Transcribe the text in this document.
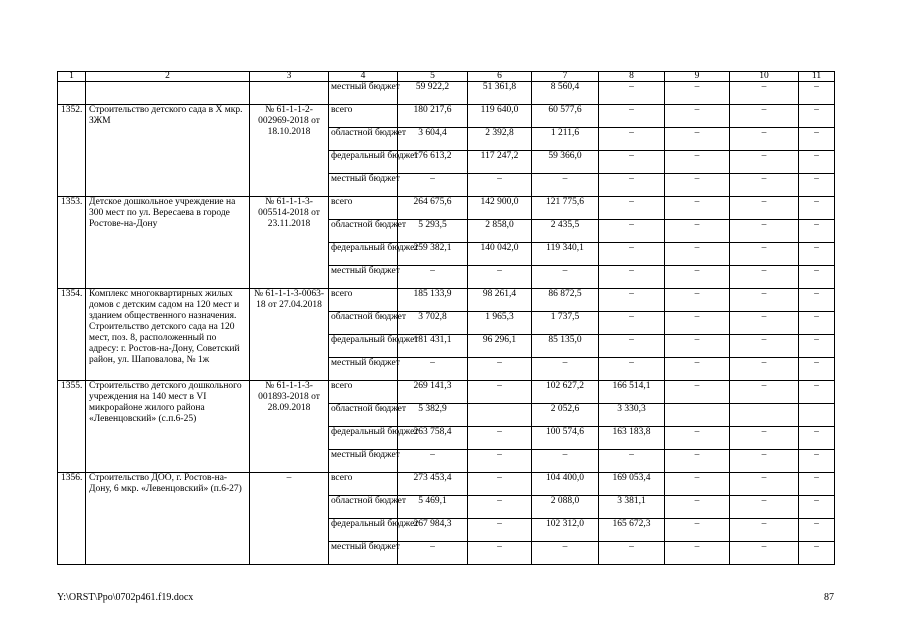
1	2	3	4	5	6	7	8	9	10	11
			местный бюджет	59 922,2	51 361,8	8 560,4	–	–	–	–
1352.	Строительство детского сада в X мкр. ЗЖМ	№ 61-1-1-2-002969-2018 от 18.10.2018	всего	180 217,6	119 640,0	60 577,6	–	–	–	–
			областной бюджет	3 604,4	2 392,8	1 211,6	–	–	–	–
			федеральный бюджет	176 613,2	117 247,2	59 366,0	–	–	–	–
			местный бюджет	–	–	–	–	–	–	–
1353.	Детское дошкольное учреждение на 300 мест по ул. Вересаева в городе Ростове-на-Дону	№ 61-1-1-3-005514-2018 от 23.11.2018	всего	264 675,6	142 900,0	121 775,6	–	–	–	–
			областной бюджет	5 293,5	2 858,0	2 435,5	–	–	–	–
			федеральный бюджет	259 382,1	140 042,0	119 340,1	–	–	–	–
			местный бюджет	–	–	–	–	–	–	–
1354.	Комплекс многоквартирных жилых домов с детским садом на 120 мест и зданием общественного назначения. Строительство детского сада на 120 мест, поз. 8, расположенный по адресу: г. Ростов-на-Дону, Советский район, ул. Шаповалова, № 1ж	№ 61-1-1-3-0063-18 от 27.04.2018	всего	185 133,9	98 261,4	86 872,5	–	–	–	–
			областной бюджет	3 702,8	1 965,3	1 737,5	–	–	–	–
			федеральный бюджет	181 431,1	96 296,1	85 135,0	–	–	–	–
			местный бюджет	–	–	–	–	–	–	–
1355.	Строительство детского дошкольного учреждения на 140 мест в VI микрорайоне жилого района «Левенцовский» (с.п.6-25)	№ 61-1-1-3-001893-2018 от 28.09.2018	всего	269 141,3	–	102 627,2	166 514,1	–	–	–
			областной бюджет	5 382,9		2 052,6	3 330,3			
			федеральный бюджет	263 758,4	–	100 574,6	163 183,8	–	–	–
			местный бюджет	–	–	–	–	–	–	–
1356.	Строительство ДОО, г. Ростов-на-Дону, 6 мкр. «Левенцовский» (п.6-27)	–	всего	273 453,4	–	104 400,0	169 053,4	–	–	–
			областной бюджет	5 469,1	–	2 088,0	3 381,1	–	–	–
			федеральный бюджет	267 984,3	–	102 312,0	165 672,3	–	–	–
			местный бюджет	–	–	–	–	–	–	–
Y:\ORST\Ppo\0702p461.f19.docx	87
